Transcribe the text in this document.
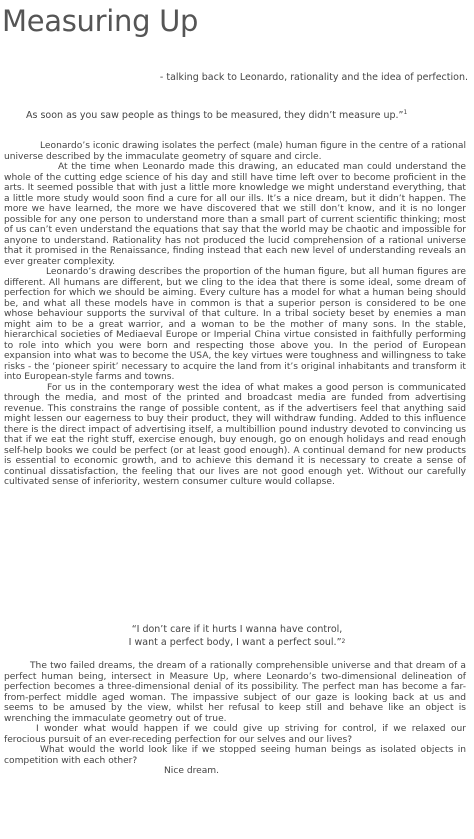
Measuring Up
- talking back to Leonardo, rationality and the idea of perfection.
As soon as you saw people as things to be measured, they didn’t measure up.”$^1$

Leonardo’s iconic drawing isolates the perfect (male) human figure in the centre of a rational universe described by the immaculate geometry of square and circle.

At the time when Leonardo made this drawing, an educated man could understand the whole of the cutting edge science of his day and still have time left over to become proficient in the arts. It seemed possible that with just a little more knowledge we might understand everything, that a little more study would soon find a cure for all our ills. It’s a nice dream, but it didn’t happen. The more we have learned, the more we have discovered that we still don’t know, and it is no longer possible for any one person to understand more than a small part of current scientific thinking; most of us can’t even understand the equations that say that the world may be chaotic and impossible for anyone to understand. Rationality has not produced the lucid comprehension of a rational universe that it promised in the Renaissance, finding instead that each new level of understanding reveals an ever greater complexity.

Leonardo’s drawing describes the proportion of the human figure, but all human figures are different. All humans are different, but we cling to the idea that there is some ideal, some dream of perfection for which we should be aiming. Every culture has a model for what a human being should be, and what all these models have in common is that a superior person is considered to be one whose behaviour supports the survival of that culture. In a tribal society beset by enemies a man might aim to be a great warrior, and a woman to be the mother of many sons. In the stable, hierarchical societies of Mediaeval Europe or Imperial China virtue consisted in faithfully performing to role into which you were born and respecting those above you. In the period of European expansion into what was to become the USA, the key virtues were toughness and willingness to take risks - the ‘pioneer spirit’ necessary to acquire the land from it’s original inhabitants and transform it into European-style farms and towns.

For us in the contemporary west the idea of what makes a good person is communicated through the media, and most of the printed and broadcast media are funded from advertising revenue. This constrains the range of possible content, as if the advertisers feel that anything said might lessen our eagerness to buy their product, they will withdraw funding. Added to this influence there is the direct impact of advertising itself, a multibillion pound industry devoted to convincing us that if we eat the right stuff, exercise enough, buy enough, go on enough holidays and read enough self-help books we could be perfect (or at least good enough). A continual demand for new products is essential to economic growth, and to achieve this demand it is necessary to create a sense of continual dissatisfaction, the feeling that our lives are not good enough yet. Without our carefully cultivated sense of inferiority, western consumer culture would collapse.

“I don’t care if it hurts I wanna have control,
I want a perfect body, I want a perfect soul.”$^2$

The two failed dreams, the dream of a rationally comprehensible universe and that dream of a perfect human being, intersect in Measure Up, where Leonardo’s two-dimensional delineation of perfection becomes a three-dimensional denial of its possibility. The perfect man has become a far-from-perfect middle aged woman. The impassive subject of our gaze is looking back at us and seems to be amused by the view, whilst her refusal to keep still and behave like an object is wrenching the immaculate geometry out of true.

I wonder what would happen if we could give up striving for control, if we relaxed our ferocious pursuit of an ever-receding perfection for our selves and our lives?

What would the world look like if we stopped seeing human beings as isolated objects in competition with each other?

Nice dream.
